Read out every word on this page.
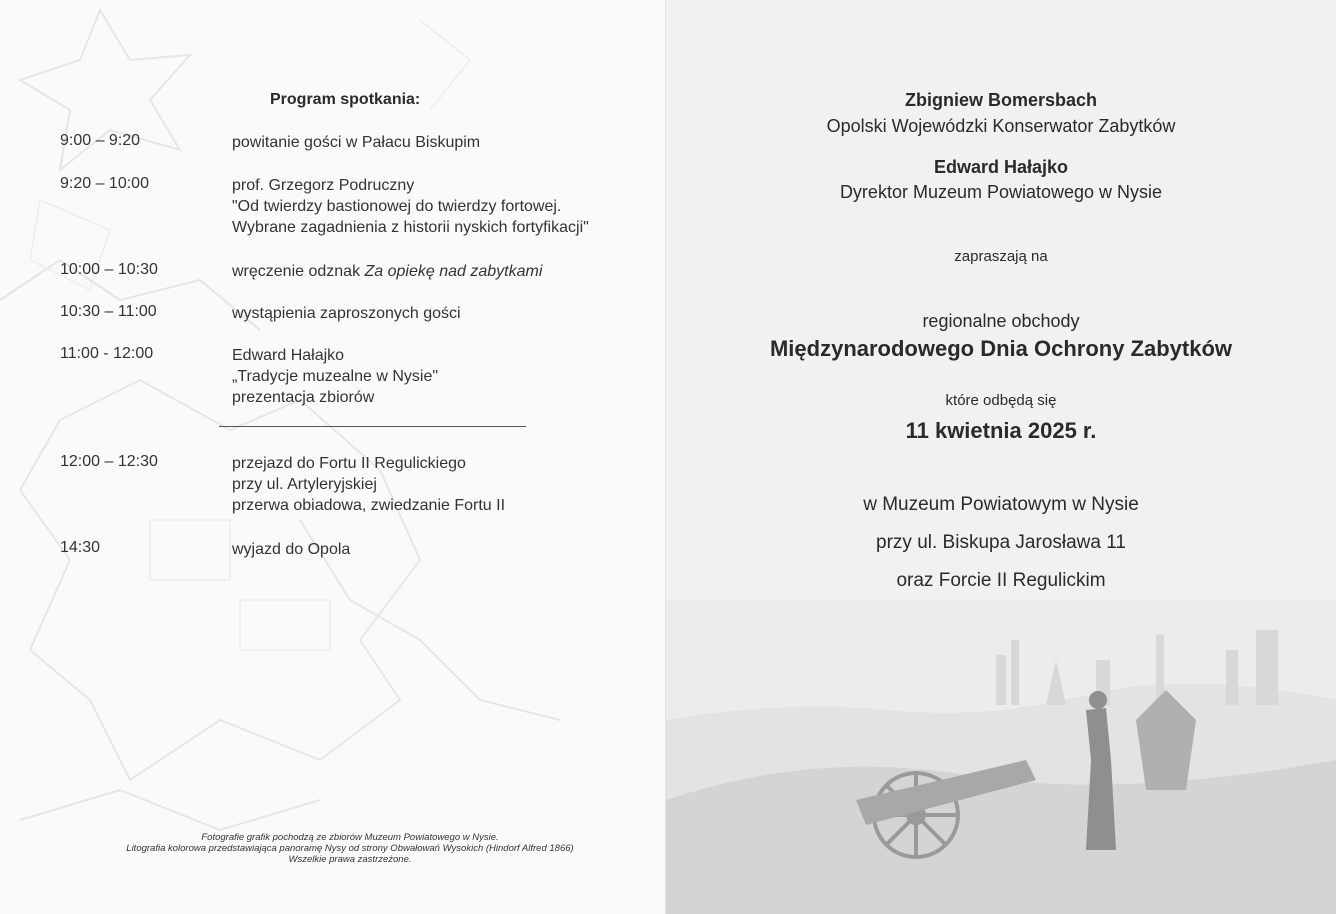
Program spotkania:
9:00 – 9:20	powitanie gości w Pałacu Biskupim
9:20 – 10:00	prof. Grzegorz Podruczny
"Od twierdzy bastionowej do twierdzy fortowej.
Wybrane zagadnienia z historii nyskich fortyfikacji"
10:00 – 10:30	wręczenie odznak Za opiekę nad zabytkami
10:30 – 11:00	wystąpienia zaproszonych gości
11:00 - 12:00	Edward Hałajko
„Tradycje muzealne w Nysie"
prezentacja zbiorów
12:00 – 12:30	przejazd do Fortu II Regulickiego
przy ul. Artyleryjskiej
przerwa obiadowa, zwiedzanie Fortu II
14:30	wyjazd do Opola
Fotografie grafik pochodzą ze zbiorów Muzeum Powiatowego w Nysie.
Litografia kolorowa przedstawiająca panoramę Nysy od strony Obwałowań Wysokich (Hindorf Alfred 1866)
Wszelkie prawa zastrzeżone.
Zbigniew Bomersbach
Opolski Wojewódzki Konserwator Zabytków
Edward Hałajko
Dyrektor Muzeum Powiatowego w Nysie
zapraszają na
regionalne obchody
Międzynarodowego Dnia Ochrony Zabytków
które odbędą się
11 kwietnia 2025 r.
w Muzeum Powiatowym w Nysie
przy ul. Biskupa Jarosława 11
oraz Forcie II Regulickim
